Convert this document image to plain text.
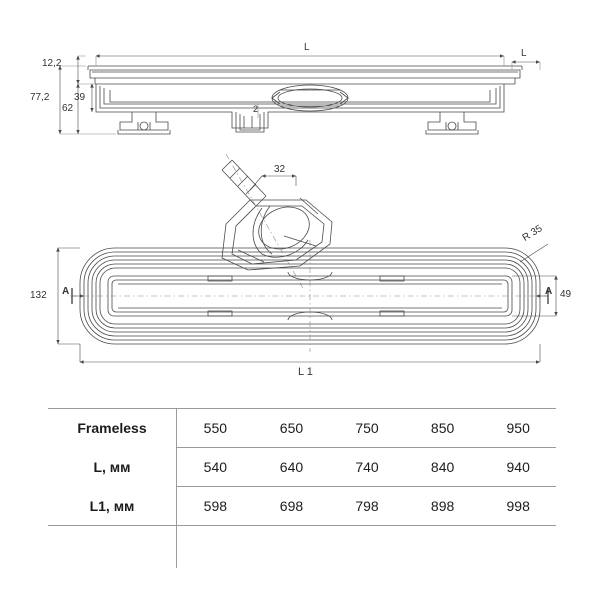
12,2
77,2
62
39
L
L
2
32
132	49
R 35
L 1
A	A
Frameless	550	650	750	850	950
L, мм	540	640	740	840	940
L1, мм	598	698	798	898	998
